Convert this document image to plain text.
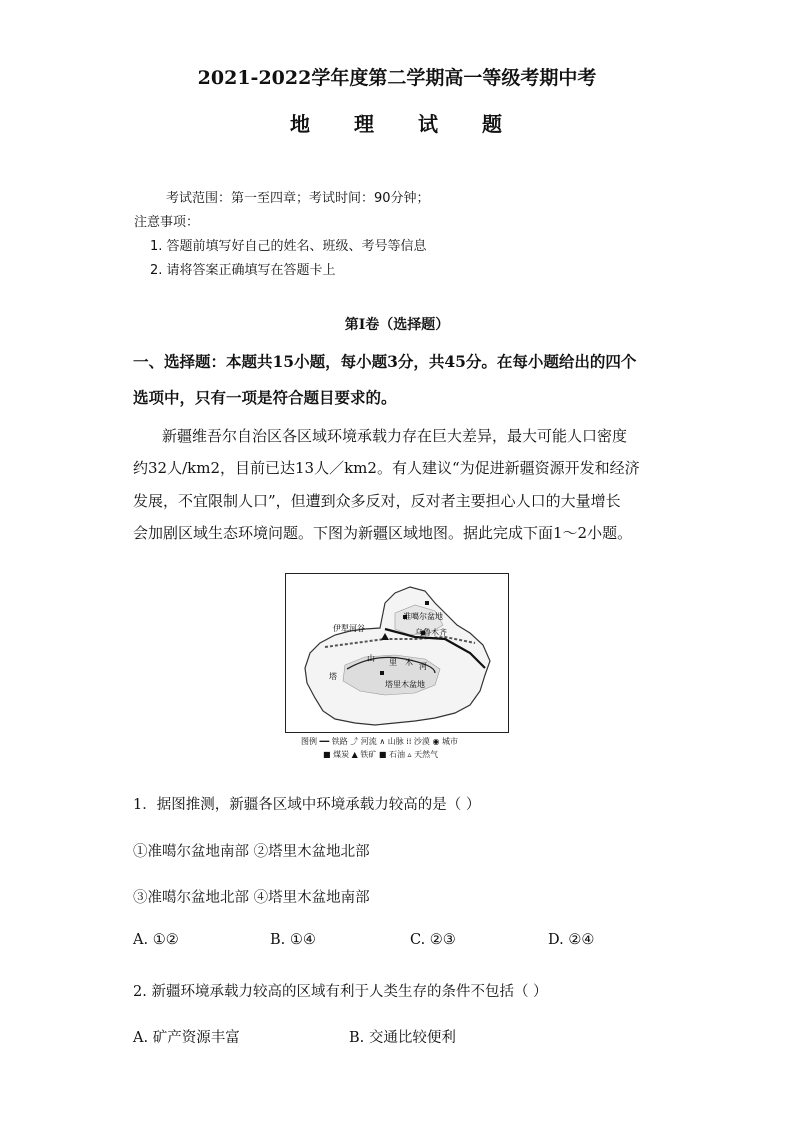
2021-2022学年度第二学期高一等级考期中考
地 理 试 题
考试范围：第一至四章；考试时间：90分钟；
注意事项：
1. 答题前填写好自己的姓名、班级、考号等信息
2. 请将答案正确填写在答题卡上
第I卷（选择题）
一、选择题：本题共15小题，每小题3分，共45分。在每小题给出的四个
选项中，只有一项是符合题目要求的。
新疆维吾尔自治区各区域环境承载力存在巨大差异，最大可能人口密度
约32人/km2，目前已达13人／km2。有人建议“为促进新疆资源开发和经济
发展，不宜限制人口”，但遭到众多反对，反对者主要担心人口的大量增长
会加剧区域生态环境问题。下图为新疆区域地图。据此完成下面1～2小题。
准噶尔盆地
伊犁河谷	乌鲁木齐
塔里木盆地
山
塔
里 木 河
图例 ━━ 铁路 ⤴ 河流 ∧ 山脉 ⁞⁞ 沙漠 ◉ 城市
■ 煤炭 ▲ 铁矿 ■ 石油 ▵ 天然气
1．据图推测，新疆各区域中环境承载力较高的是（ ）
①准噶尔盆地南部 ②塔里木盆地北部
③准噶尔盆地北部 ④塔里木盆地南部
A. ①②	B. ①④	C. ②③	D. ②④
2. 新疆环境承载力较高的区域有利于人类生存的条件不包括（ ）
A. 矿产资源丰富	B. 交通比较便利
